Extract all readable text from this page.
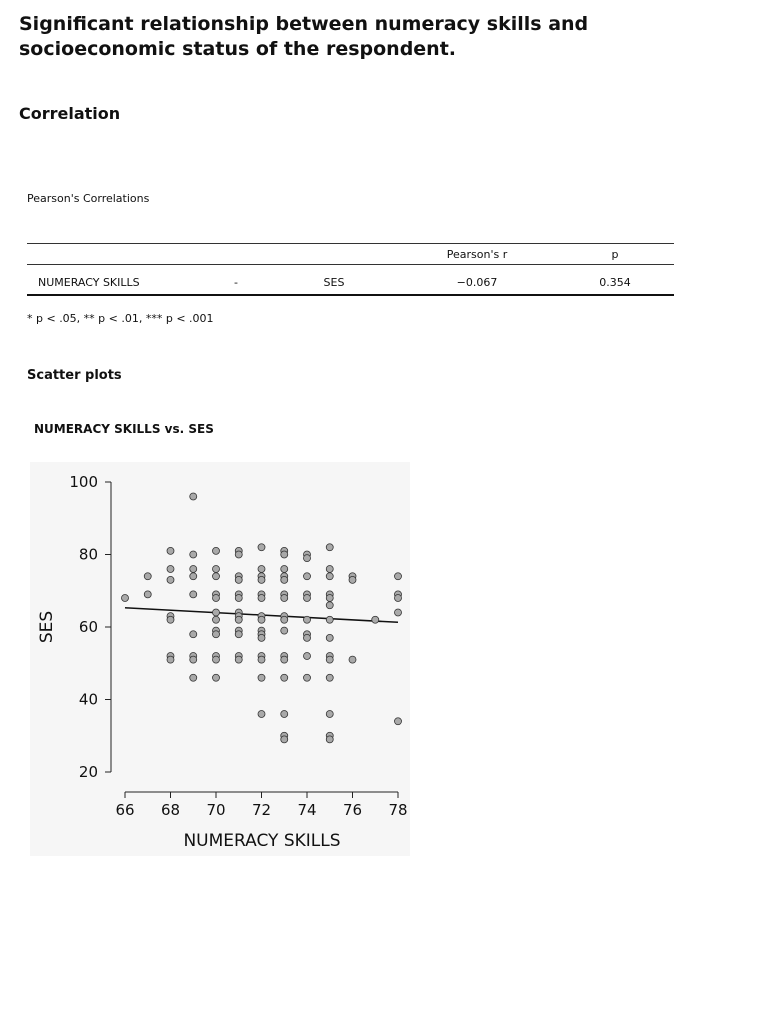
Significant relationship between numeracy skills and socioeconomic status of the respondent.
Correlation
Pearson's Correlations
			Pearson's r	p
NUMERACY SKILLS	-	SES	−0.067	0.354
* p < .05, ** p < .01, *** p < .001
Scatter plots
NUMERACY SKILLS vs. SES
66 68 70 72 74 76 78
20
40
60
80
100
NUMERACY SKILLS
SES
